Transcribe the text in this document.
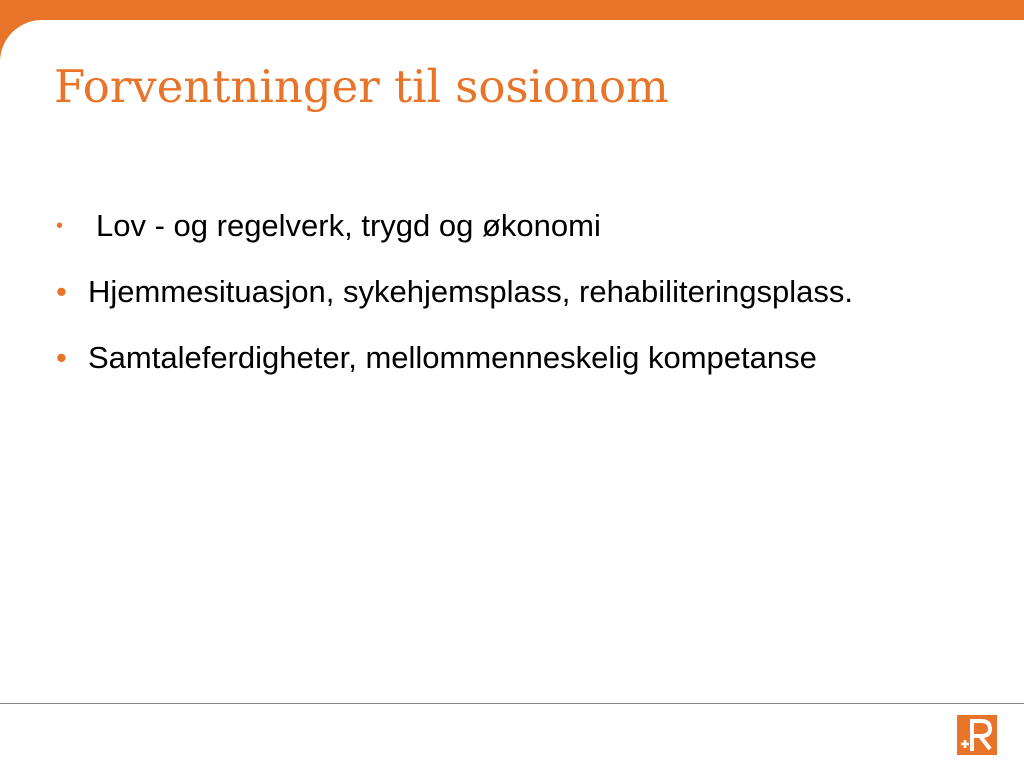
Forventninger til sosionom
• Lov - og regelverk, trygd og økonomi
• Hjemmesituasjon, sykehjemsplass, rehabiliteringsplass.
• Samtaleferdigheter, mellommenneskelig kompetanse
